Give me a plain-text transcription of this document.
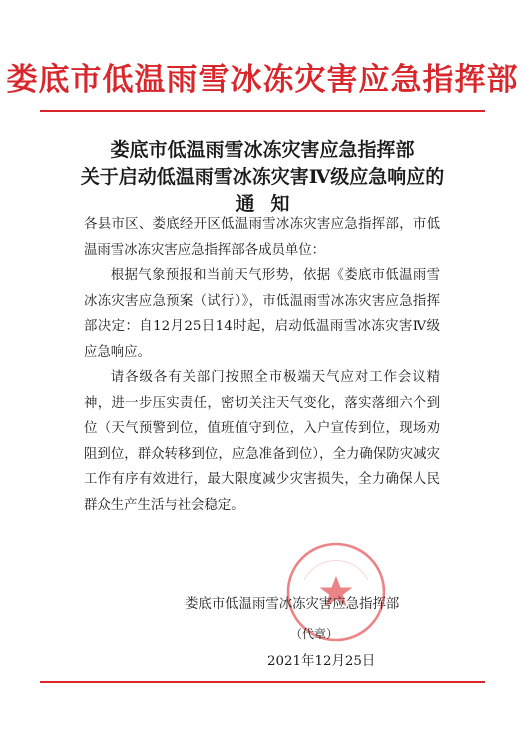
娄底市低温雨雪冰冻灾害应急指挥部
娄底市低温雨雪冰冻灾害应急指挥部
关于启动低温雨雪冰冻灾害Ⅳ级应急响应的
通知

各县市区、娄底经开区低温雨雪冰冻灾害应急指挥部，市低温雨雪冰冻灾害应急指挥部各成员单位：

根据气象预报和当前天气形势，依据《娄底市低温雨雪冰冻灾害应急预案（试行）》，市低温雨雪冰冻灾害应急指挥部决定：自12月25日14时起，启动低温雨雪冰冻灾害Ⅳ级应急响应。

请各级各有关部门按照全市极端天气应对工作会议精神，进一步压实责任，密切关注天气变化，落实落细六个到位（天气预警到位，值班值守到位，入户宣传到位，现场劝阻到位，群众转移到位，应急准备到位），全力确保防灾减灾工作有序有效进行，最大限度减少灾害损失，全力确保人民群众生产生活与社会稳定。

娄底市低温雨雪冰冻灾害应急指挥部
（代章）
2021年12月25日
